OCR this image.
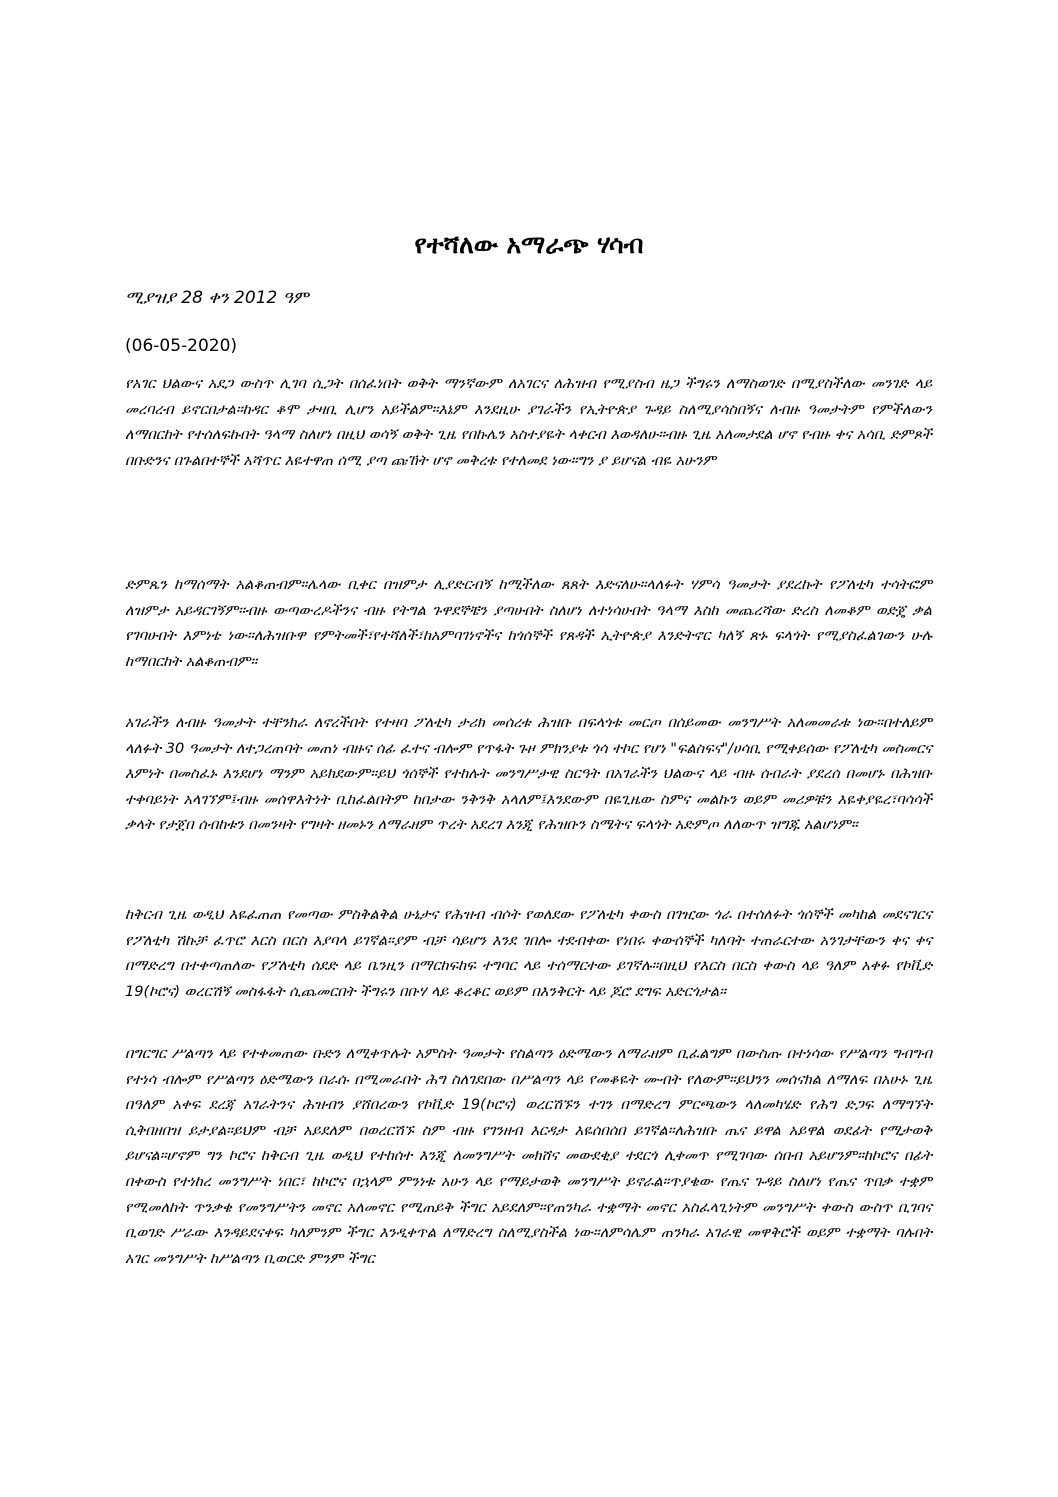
የተሻለው አማራጭ ሃሳብ

ሚያዝያ 28 ቀን 2012 ዓም

(06-05-2020)

የአገር ህልውና አደጋ ውስጥ ሊገባ ሲጋት በሰፈነበት ወቅት ማንኛውም ለአገርና ለሕዝብ የሚያስብ ዜጋ ችግሩን ለማስወገድ በሚያስችለው መንገድ ላይ መረባረብ ይኖርበታል።ከዳር ቆሞ ታዛቢ ሊሆን አይችልም።እኔም እንደዚሁ ያገራችን የኢትዮጵያ ጉዳይ ስለሚያሳስበኝና ለብዙ ዓመታትም የምችለውን ለማበርከት የተሰለፍኩበት ዓላማ ስለሆነ በዚህ ወሳኝ ወቅት ጊዜ የበኩሌን አስተያዬት ላቀርብ እወዳለሁ።ብዙ ጊዜ አለመታደል ሆኖ የብዙ ቀና አሳቢ ድምጾች በቡድንና በጉልበተኞች አሻጥር እዬተዋጠ ሰሚ ያጣ ጩኸት ሆኖ መቅረቱ የተለመደ ነው።ግን ያ ይሆናል ብዬ አሁንም

ድምጼን ከማሰማት አልቆጠብም።ሌላው ቢቀር በዝምታ ሊያድርብኝ ከሚችለው ጸጸት እድናለሁ።ላለፉት ሃምሳ ዓመታት ያደረኩት የፖለቲካ ተሳትፎም ለዝምታ አይዳርገኝም።ብዙ ውጣውረዶችንና ብዙ የትግል ጉዋደኞቼን ያጣሁበት ስለሆነ ለተነሳሁበት ዓላማ እስከ መጨረሻው ድረስ ለመቆም ወድጄ ቃል የገባሁበት እምነቴ ነው።ለሕዝቡዋ የምትመች፣የተሻለች፣ከአምባገነኖችና ከጎሰኞች የጸዳች ኢትዮጵያ እንድትኖር ካለኝ ጽኑ ፍላጎት የሚያስፈልገውን ሁሉ ከማበርከት አልቆጠብም።

አገራችን ለብዙ ዓመታት ተቸንክራ ለኖረችበት የተዛባ ፖለቲካ ታሪክ መሰረቱ ሕዝቡ በፍላጎቱ መርጦ በሰይመው መንግሥት አለመመራቱ ነው።በተለይም ላለፉት 30 ዓመታት ለተጋረጠባት መጠነ ብዙና ሰፊ ፈተና ብሎም የጥፋት ጉዞ ምክንያቱ ጎሳ ተኮር የሆነ "ፍልስፍና"/ሀሳቢ የሚቀይሰው የፖለቲካ መስመርና እምነት በመስፈኑ እንደሆነ ማንም አይክደውም።ይህ ጎሰኞች የተከሉት መንግሥታዊ ስርዓት በአገራችን ህልውና ላይ ብዙ ሰብራት ያደረሰ በመሆኑ በሕዝቡ ተቀባይነት አላገኘም፤ብዙ መሰዋእትነት ቢከፈልበትም ከበታው ንቅንቅ አላለም፤እንደውም በዬጊዜው ስምና መልኩን ወይም መሪዎቹን እዬቀያዬረ፣ባሳሳች ቃላት የታጀበ ሰብከቱን በመንዛት የግዛት ዘመኑን ለማራዘም ጥረት አደረገ እንጂ የሕዝቡን ስሜትና ፍላጎት አድምጦ ለለውጥ ዝግጁ አልሆነም።

ከቅርብ ጊዜ ወዲህ እዬፈጠጠ የመጣው ምስቅልቅል ሁኔታና የሕዝብ ብሶት የወለደው የፖለቲካ ቀውስ በገዢው ጎራ በተሰለፉት ጎሰኞች መካከል መደናገርና የፖለቲካ ሽኩቻ ፈጥሮ እርስ በርስ እያባላ ይገኛል።ያም ብቻ ሳይሆን እንደ ገበሎ ተደብቀው የነበሩ ቀውሰኞች ካለባት ተጠራርተው አንገታቸውን ቀና ቀና በማድረግ በተቀጣጠለው የፖለቲካ ሰደድ ላይ ቤንዚን በማርከፍከፍ ተግባር ላይ ተሰማርተው ይገኛሉ።በዚህ የእርስ በርስ ቀውስ ላይ ዓለም አቀፉ የኮቪድ 19(ኮሮና) ወረርሽኝ መስፋፋት ሲጨመርበት ችግሩን በቡሃ ላይ ቆረቆር ወይም በእንቅርት ላይ ጆሮ ደግፍ አድርጎታል።

በግርግር ሥልጣን ላይ የተቀመጠው ቡድን ለሚቀጥሉት አምስት ዓመታት የስልጣን ዕድሜውን ለማራዘም ቢፈልግም በውስጡ በተነሳው የሥልጣን ግብግብ የተነሳ ብሎም የሥልጣን ዕድሜውን በራሱ በሚመራበት ሕግ ስለገደበው በሥልጣን ላይ የመቆዬት ሙብት የለውም።ይህንን መሰናክል ለማለፍ በአሁኑ ጊዜ በዓለም አቀፍ ደረጃ አገራትንና ሕዝብን ያሸበረውን የኮቪድ 19(ኮሮና) ወረርሽኙን ተገን በማድረግ ምርጫውን ላለመካሄድ የሕግ ድጋፍ ለማግኘት ሲቅበዘበዝ ይታያል።ይህም ብቻ አይደለም በወረርሽኙ ስም ብዙ የገንዘብ እርዳታ እዬሰበሰበ ይገኛል።ለሕዝቡ ጤና ይዋል አይዋል ወደፊት የሚታወቅ ይሆናል።ሆኖም ግን ኮሮና ከቅርብ ጊዜ ወዲህ የተከሰተ እንጂ ለመንግሥት መክሸና መውደቂያ ተደርጎ ሊቀመጥ የሚገባው ሰበብ አይሆንም።ከኮሮና በፊት በቀውስ የተነከረ መንግሥት ነበር፣ ከኮሮና በኋላም ምንነቱ አሁን ላይ የማይታወቅ መንግሥት ይኖራል።ጥያቄው የጤና ጉዳይ ስለሆነ የጤና ጥበቃ ተቋም የሚመለከት ጥንቃቄ የመንግሥትን መኖር አለመኖር የሚጠይቅ ችግር አይደለም።የጠንካራ ተቋማት መኖር አስፈላጊነትም መንግሥት ቀውስ ውስጥ ቢገባና ቢወገድ ሥራው እንዳይደናቀፍ ካለምንም ችግር እንዲቀጥል ለማድረግ ስለሚያስችል ነው።ለምሳሌም ጠንካራ አገራዊ መዋቅሮች ወይም ተቋማት ባሉበት አገር መንግሥት ከሥልጣን ቢወርድ ምንም ችግር
